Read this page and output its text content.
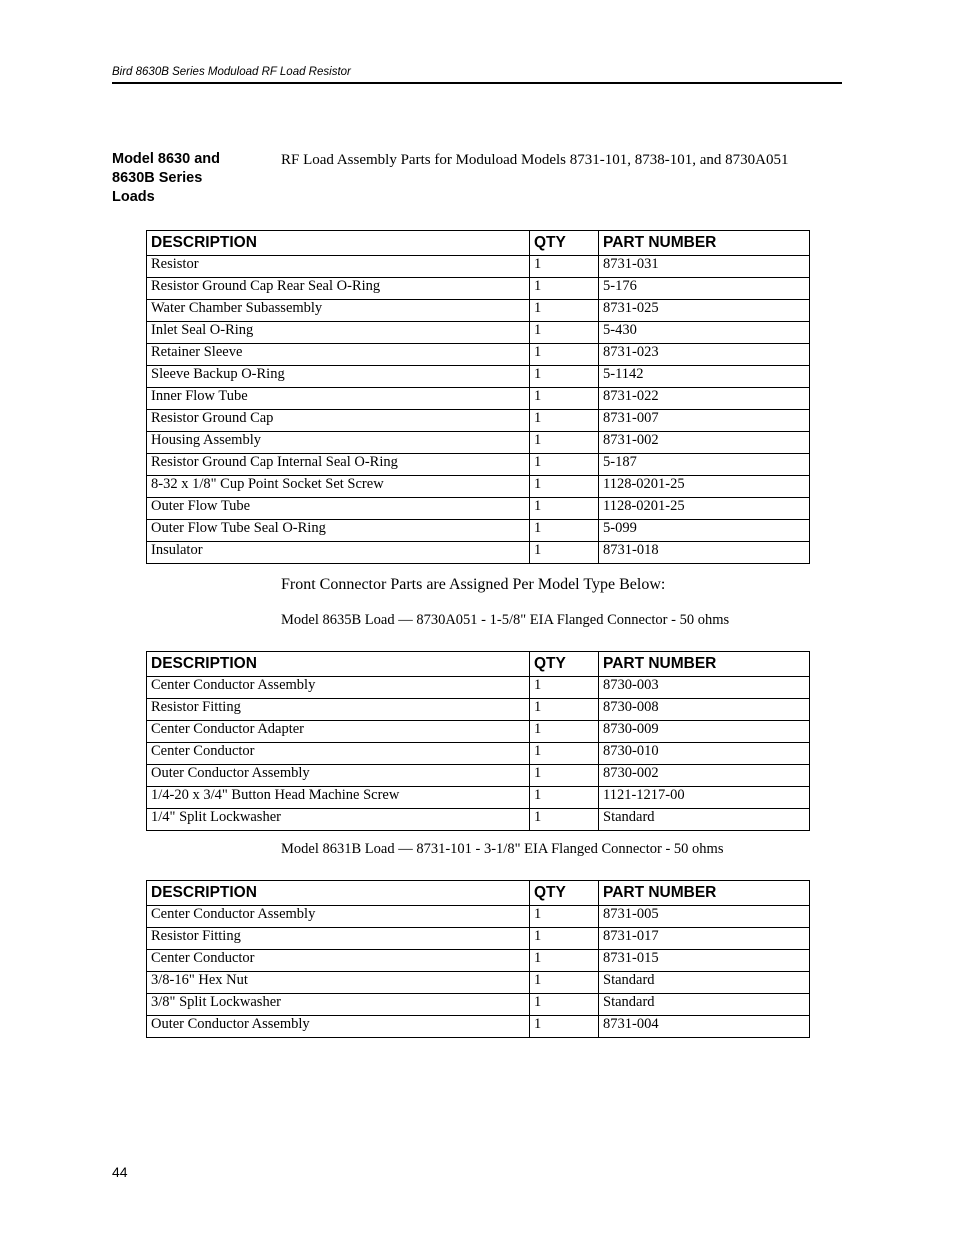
Bird 8630B Series Moduload RF Load Resistor
Model 8630 and
8630B Series
Loads
RF Load Assembly Parts for Moduload Models 8731-101, 8738-101, and 8730A051
DESCRIPTION	QTY	PART NUMBER
Resistor	1	8731-031
Resistor Ground Cap Rear Seal O-Ring	1	5-176
Water Chamber Subassembly	1	8731-025
Inlet Seal O-Ring	1	5-430
Retainer Sleeve	1	8731-023
Sleeve Backup O-Ring	1	5-1142
Inner Flow Tube	1	8731-022
Resistor Ground Cap	1	8731-007
Housing Assembly	1	8731-002
Resistor Ground Cap Internal Seal O-Ring	1	5-187
8-32 x 1/8" Cup Point Socket Set Screw	1	1128-0201-25
Outer Flow Tube	1	1128-0201-25
Outer Flow Tube Seal O-Ring	1	5-099
Insulator	1	8731-018
Front Connector Parts are Assigned Per Model Type Below:
Model 8635B Load — 8730A051 - 1-5/8" EIA Flanged Connector - 50 ohms
DESCRIPTION	QTY	PART NUMBER
Center Conductor Assembly	1	8730-003
Resistor Fitting	1	8730-008
Center Conductor Adapter	1	8730-009
Center Conductor	1	8730-010
Outer Conductor Assembly	1	8730-002
1/4-20 x 3/4" Button Head Machine Screw	1	1121-1217-00
1/4" Split Lockwasher	1	Standard
Model 8631B Load — 8731-101 - 3-1/8" EIA Flanged Connector - 50 ohms
DESCRIPTION	QTY	PART NUMBER
Center Conductor Assembly	1	8731-005
Resistor Fitting	1	8731-017
Center Conductor	1	8731-015
3/8-16" Hex Nut	1	Standard
3/8" Split Lockwasher	1	Standard
Outer Conductor Assembly	1	8731-004
44
